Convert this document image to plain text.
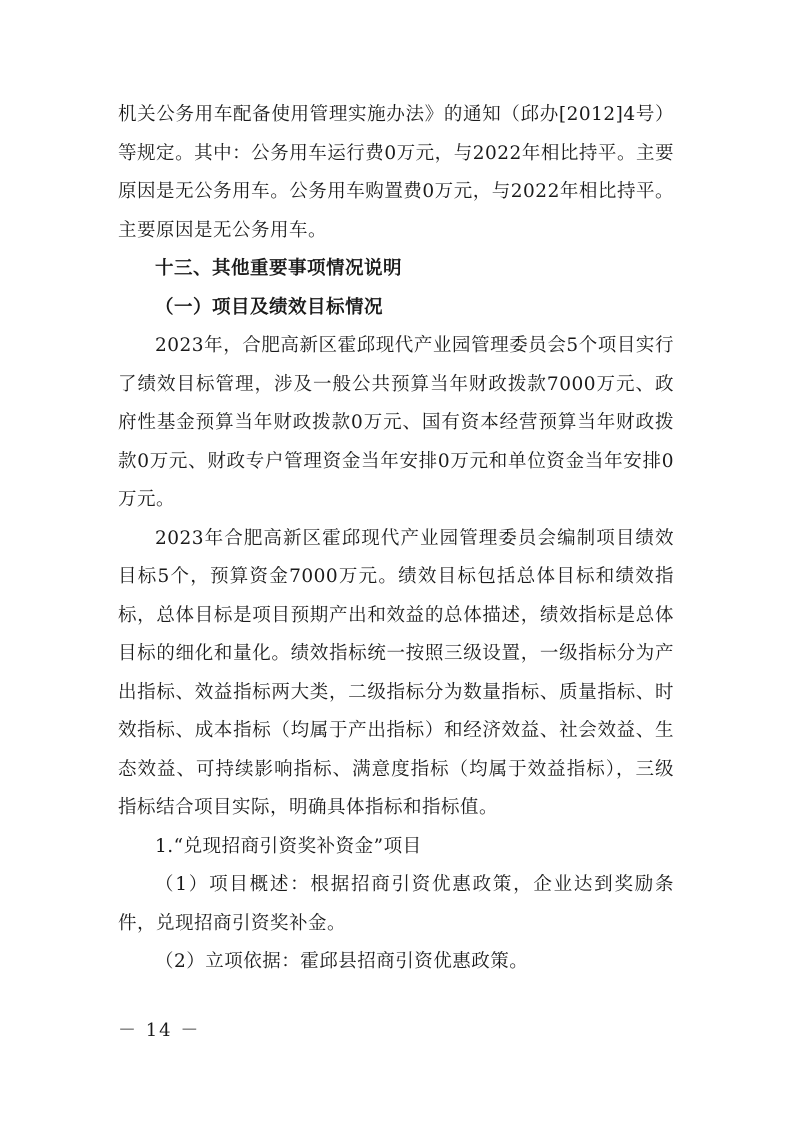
机关公务用车配备使用管理实施办法》的通知（邱办[2012]4号）等规定。其中：公务用车运行费0万元，与2022年相比持平。主要原因是无公务用车。公务用车购置费0万元，与2022年相比持平。主要原因是无公务用车。

十三、其他重要事项情况说明

（一）项目及绩效目标情况

2023年，合肥高新区霍邱现代产业园管理委员会5个项目实行了绩效目标管理，涉及一般公共预算当年财政拨款7000万元、政府性基金预算当年财政拨款0万元、国有资本经营预算当年财政拨款0万元、财政专户管理资金当年安排0万元和单位资金当年安排0万元。

2023年合肥高新区霍邱现代产业园管理委员会编制项目绩效目标5个，预算资金7000万元。绩效目标包括总体目标和绩效指标，总体目标是项目预期产出和效益的总体描述，绩效指标是总体目标的细化和量化。绩效指标统一按照三级设置，一级指标分为产出指标、效益指标两大类，二级指标分为数量指标、质量指标、时效指标、成本指标（均属于产出指标）和经济效益、社会效益、生态效益、可持续影响指标、满意度指标（均属于效益指标），三级指标结合项目实际，明确具体指标和指标值。

1.“兑现招商引资奖补资金”项目

（1）项目概述：根据招商引资优惠政策，企业达到奖励条件，兑现招商引资奖补金。

（2）立项依据：霍邱县招商引资优惠政策。

－ 14 －
